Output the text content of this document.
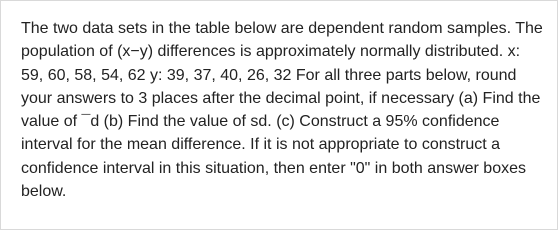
The two data sets in the table below are dependent random samples. The population of (x−y) differences is approximately normally distributed. x: 59, 60, 58, 54, 62 y: 39, 37, 40, 26, 32 For all three parts below, round your answers to 3 places after the decimal point, if necessary (a) Find the value of ¯d (b) Find the value of sd. (c) Construct a 95% confidence interval for the mean difference. If it is not appropriate to construct a confidence interval in this situation, then enter "0" in both answer boxes below.
